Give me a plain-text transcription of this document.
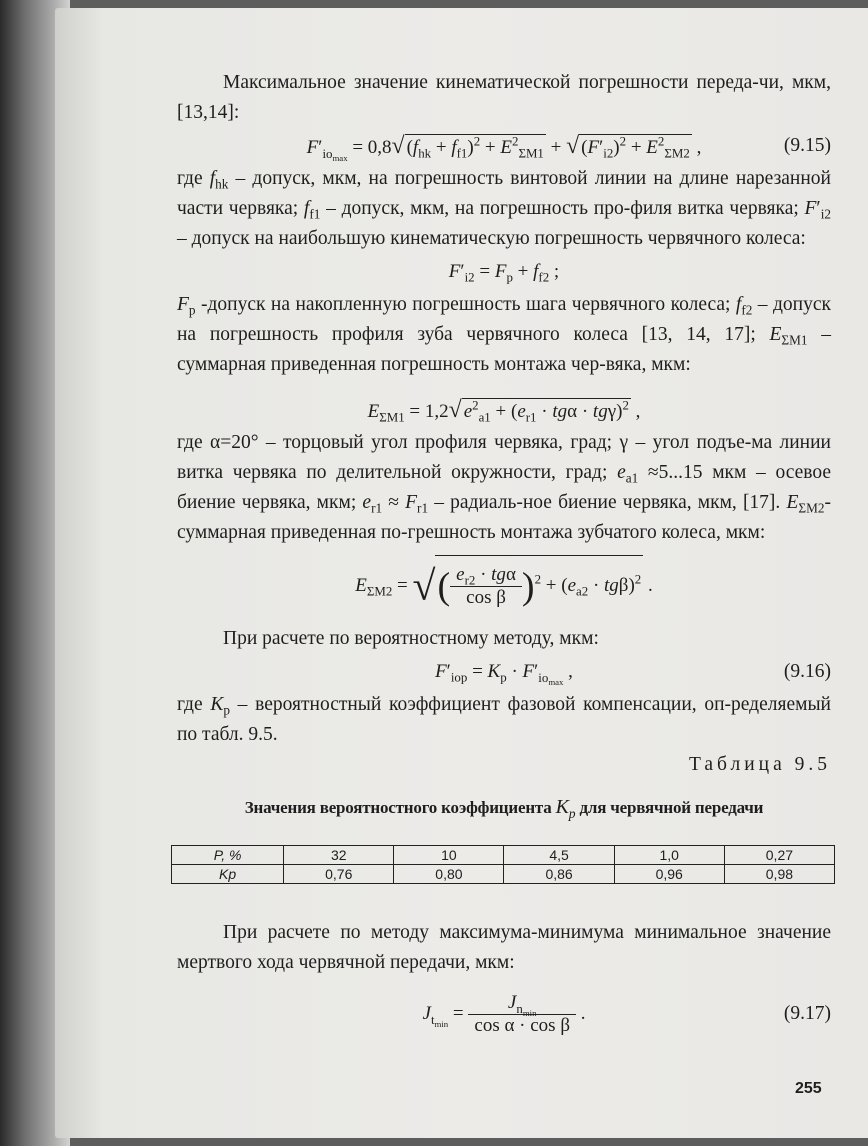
Максимальное значение кинематической погрешности переда-чи, мкм, [13,14]:

$F'_{io_{max}} = 0,8√$ $(f_{hk} + f_{f1})^2 + E^2_{\Sigma M1}$ + √ $(F'_{i2})^2 + E^2_{\Sigma M2}$ ,	(9.15)

где $f_{hk}$ – допуск, мкм, на погрешность винтовой линии на длине нарезанной части червяка; $f_{f1}$ – допуск, мкм, на погрешность про-филя витка червяка; $F'_{i2}$ – допуск на наибольшую кинематическую погрешность червячного колеса:

$F'_{i2} = F_p + f_{f2}$ ;

$F_p$ -допуск на накопленную погрешность шага червячного колеса; $f_{f2}$ – допуск на погрешность профиля зуба червячного колеса [13, 14, 17]; $E_{\Sigma M1}$ – суммарная приведенная погрешность монтажа чер-вяка, мкм:

$E_{\Sigma M1} = 1,2√$ $e^2_{a1} + (e_{r1} \cdot tg\alpha \cdot tg\gamma)^2$ ,

где α=20° – торцовый угол профиля червяка, град; γ – угол подъе-ма линии витка червяка по делительной окружности, град; $e_{a1} \approx 5...15$ мкм – осевое биение червяка, мкм; $e_{r1} \approx F_{r1}$ – радиаль-ное биение червяка, мкм, [17]. $E_{\Sigma M2}-$ суммарная приведенная по-грешность монтажа зубчатого колеса, мкм:

$E_{\Sigma M2}$ = √( $\frac{e_{r2} \cdot tg\alpha}{\text{cos β}} )^2 + (e_{a2} \cdot tg\beta)^2$ .

При расчете по вероятностному методу, мкм:

$F'_{iop} = K_p \cdot F'_{io_{max}}$ ,	(9.16)

где $K_p$ – вероятностный коэффициент фазовой компенсации, оп-ределяемый по табл. 9.5.

Таблица 9.5
Значения вероятностного коэффициента $K_p$ для червячной передачи
P, %	32	10	4,5	1,0	0,27
Kp	0,76	0,80	0,86	0,96	0,98

При расчете по методу максимума-минимума минимальное значение мертвого хода червячной передачи, мкм:

$J_{t_{min}} = \frac{J_{n_{min}}}{\text{cos α · cos β}}$ .	(9.17)
255
